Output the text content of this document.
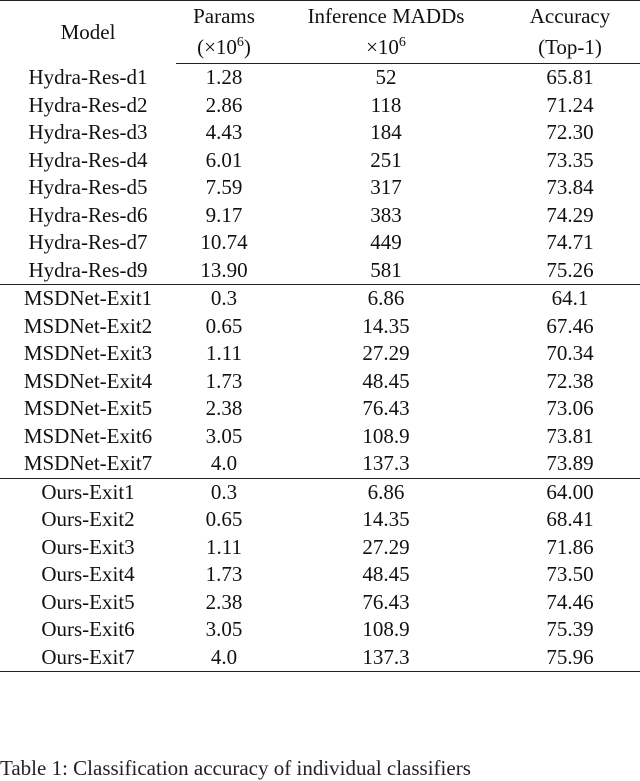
Model	Params	Inference MADDs	Accuracy
	$(\times 10^6)$	$\times 10^6$	(Top-1)
Hydra-Res-d1	1.28	52	65.81
Hydra-Res-d2	2.86	118	71.24
Hydra-Res-d3	4.43	184	72.30
Hydra-Res-d4	6.01	251	73.35
Hydra-Res-d5	7.59	317	73.84
Hydra-Res-d6	9.17	383	74.29
Hydra-Res-d7	10.74	449	74.71
Hydra-Res-d9	13.90	581	75.26
MSDNet-Exit1	0.3	6.86	64.1
MSDNet-Exit2	0.65	14.35	67.46
MSDNet-Exit3	1.11	27.29	70.34
MSDNet-Exit4	1.73	48.45	72.38
MSDNet-Exit5	2.38	76.43	73.06
MSDNet-Exit6	3.05	108.9	73.81
MSDNet-Exit7	4.0	137.3	73.89
Ours-Exit1	0.3	6.86	64.00
Ours-Exit2	0.65	14.35	68.41
Ours-Exit3	1.11	27.29	71.86
Ours-Exit4	1.73	48.45	73.50
Ours-Exit5	2.38	76.43	74.46
Ours-Exit6	3.05	108.9	75.39
Ours-Exit7	4.0	137.3	75.96
Table 1: Classification accuracy of individual classifiers
